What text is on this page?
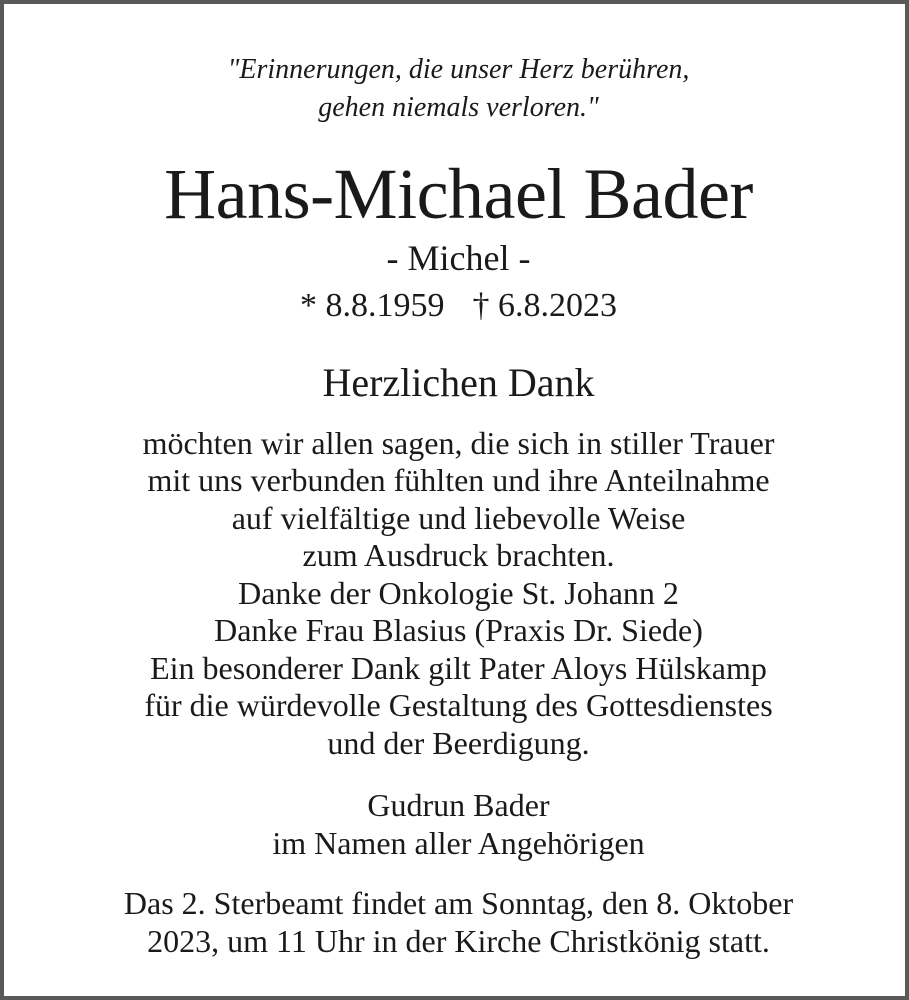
"Erinnerungen, die unser Herz berühren,
gehen niemals verloren."
Hans-Michael Bader
- Michel -
* 8.8.1959 † 6.8.2023
Herzlichen Dank
möchten wir allen sagen, die sich in stiller Trauer
mit uns verbunden fühlten und ihre Anteilnahme
auf vielfältige und liebevolle Weise
zum Ausdruck brachten.
Danke der Onkologie St. Johann 2
Danke Frau Blasius (Praxis Dr. Siede)
Ein besonderer Dank gilt Pater Aloys Hülskamp
für die würdevolle Gestaltung des Gottesdienstes
und der Beerdigung.
Gudrun Bader
im Namen aller Angehörigen
Das 2. Sterbeamt findet am Sonntag, den 8. Oktober
2023, um 11 Uhr in der Kirche Christkönig statt.
